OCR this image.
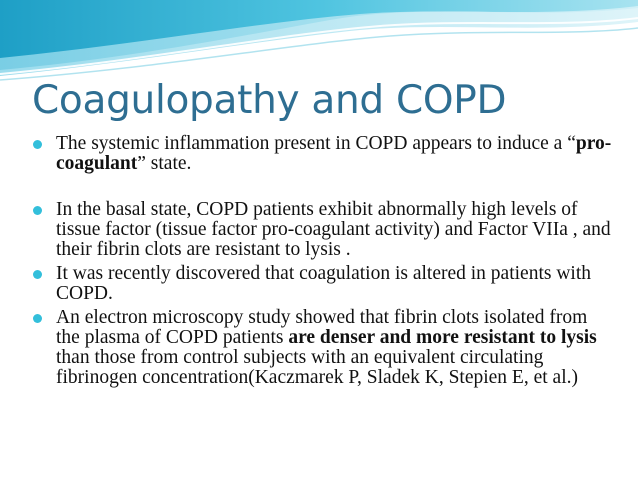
Coagulopathy and COPD
The systemic inflammation present in COPD appears to induce a “pro-coagulant” state.
In the basal state, COPD patients exhibit abnormally high levels of tissue factor (tissue factor pro-coagulant activity) and Factor VIIa , and their fibrin clots are resistant to lysis .
It was recently discovered that coagulation is altered in patients with COPD.
An electron microscopy study showed that fibrin clots isolated from the plasma of COPD patients are denser and more resistant to lysis than those from control subjects with an equivalent circulating fibrinogen concentration(Kaczmarek P, Sladek K, Stepien E, et al.)
